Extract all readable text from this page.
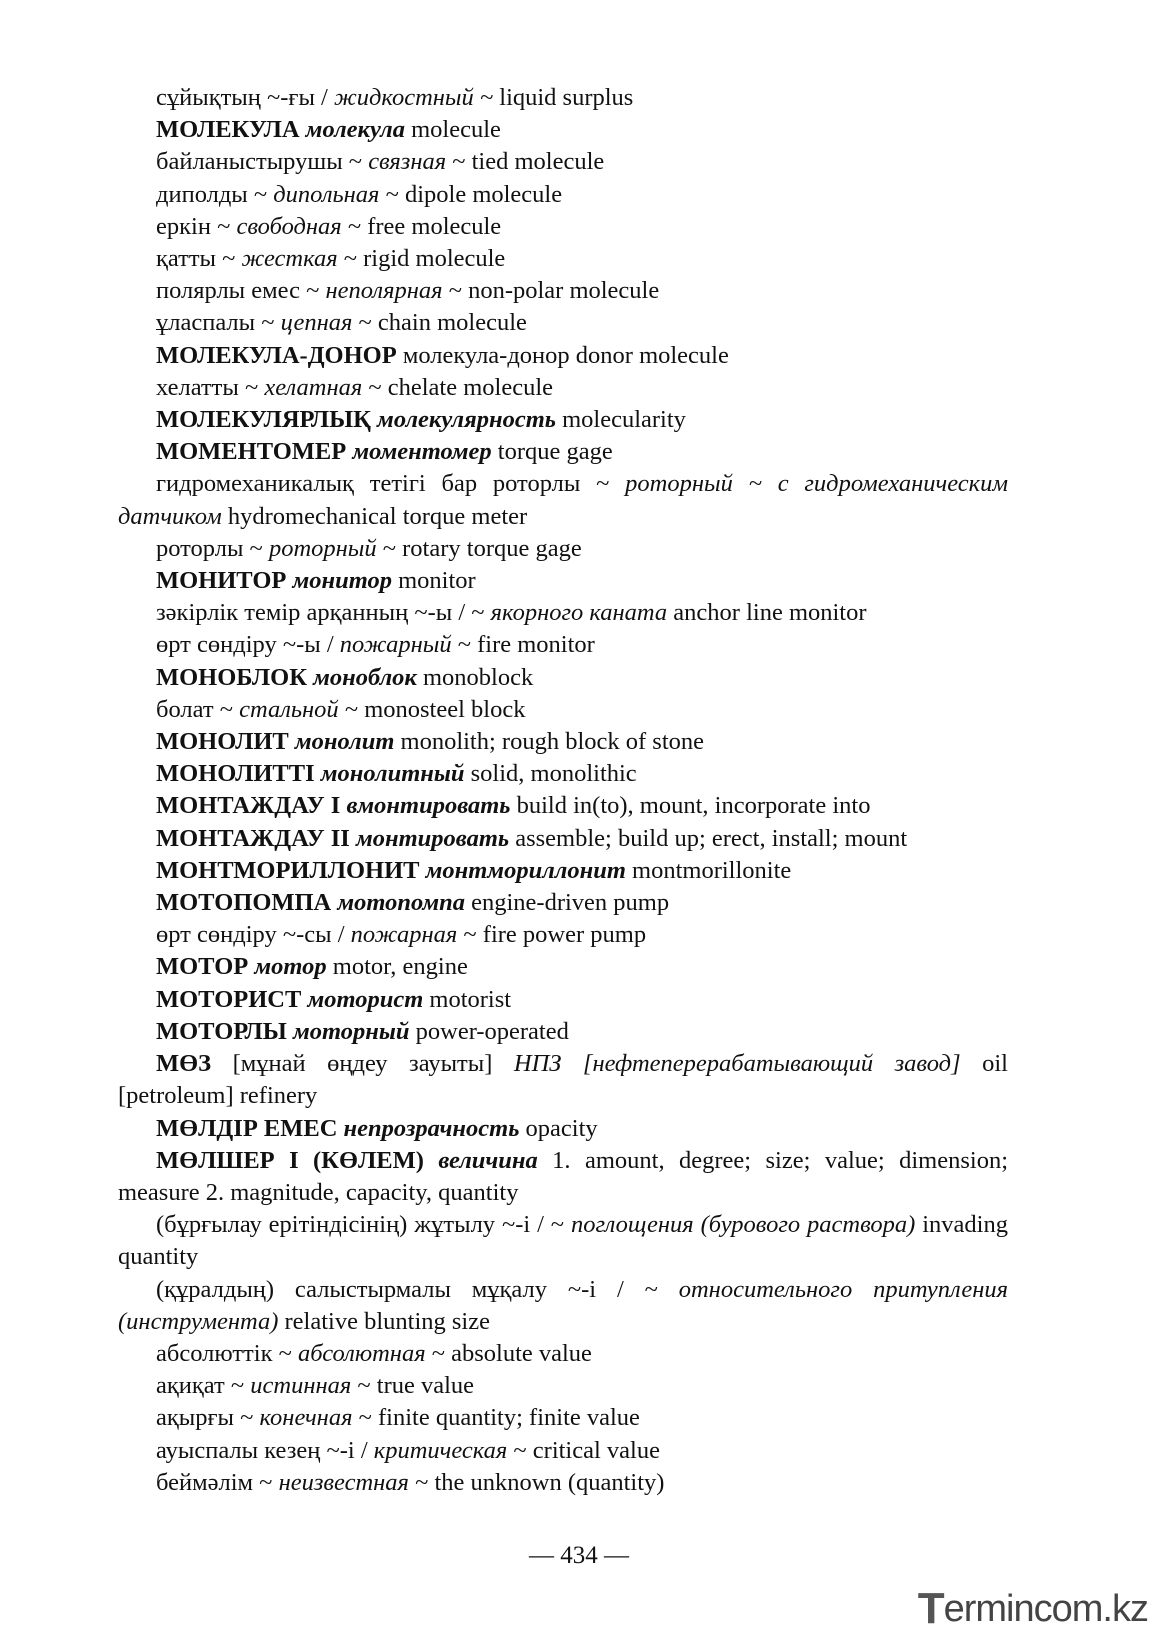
сұйықтың ~-ғы / жидкостный ~ liquid surplus
МОЛЕКУЛА молекула molecule
байланыстырушы ~ связная ~ tied molecule
диполды ~ дипольная ~ dipole molecule
еркін ~ свободная ~ free molecule
қатты ~ жесткая ~ rigid molecule
полярлы емес ~ неполярная ~ non-polar molecule
ұласпалы ~ цепная ~ chain molecule
МОЛЕКУЛА-ДОНОР молекула-донор donor molecule
хелатты ~ хелатная ~ chelate molecule
МОЛЕКУЛЯРЛЫҚ молекулярность molecularity
МОМЕНТОМЕР моментомер torque gage
гидромеханикалық тетігі бар роторлы ~ роторный ~ с гидромеханическим датчиком hydromechanical torque meter
роторлы ~ роторный ~ rotary torque gage
МОНИТОР монитор monitor
зәкірлік темір арқанның ~-ы / ~ якорного каната anchor line monitor
өрт сөндіру ~-ы / пожарный ~ fire monitor
МОНОБЛОК моноблок monoblock
болат ~ стальной ~ monosteel block
МОНОЛИТ монолит monolith; rough block of stone
МОНОЛИТТІ монолитный solid, monolithic
МОНТАЖДАУ І вмонтировать build in(to), mount, incorporate into
МОНТАЖДАУ ІІ монтировать assemble; build up; erect, install; mount
МОНТМОРИЛЛОНИТ монтмориллонит montmorillonite
МОТОПОМПА мотопомпа engine-driven pump
өрт сөндіру ~-сы / пожарная ~ fire power pump
МОТОР мотор motor, engine
МОТОРИСТ моторист motorist
МОТОРЛЫ моторный power-operated
МӨЗ [мұнай өңдеу зауыты] НПЗ [нефтеперерабатывающий завод] oil [petroleum] refinery
МӨЛДІР ЕМЕС непрозрачность opacity
МӨЛШЕР І (КӨЛЕМ) величина 1. amount, degree; size; value; dimension; measure 2. magnitude, capacity, quantity
(бұрғылау ерітіндісінің) жұтылу ~-і / ~ поглощения (бурового раствора) invading quantity
(құралдың) салыстырмалы мұқалу ~-і / ~ относительного притупления (инструмента) relative blunting size
абсолюттік ~ абсолютная ~ absolute value
ақиқат ~ истинная ~ true value
ақырғы ~ конечная ~ finite quantity; finite value
ауыспалы кезең ~-і / критическая ~ critical value
беймәлім ~ неизвестная ~ the unknown (quantity)
— 434 —
T erminc o m.kz
